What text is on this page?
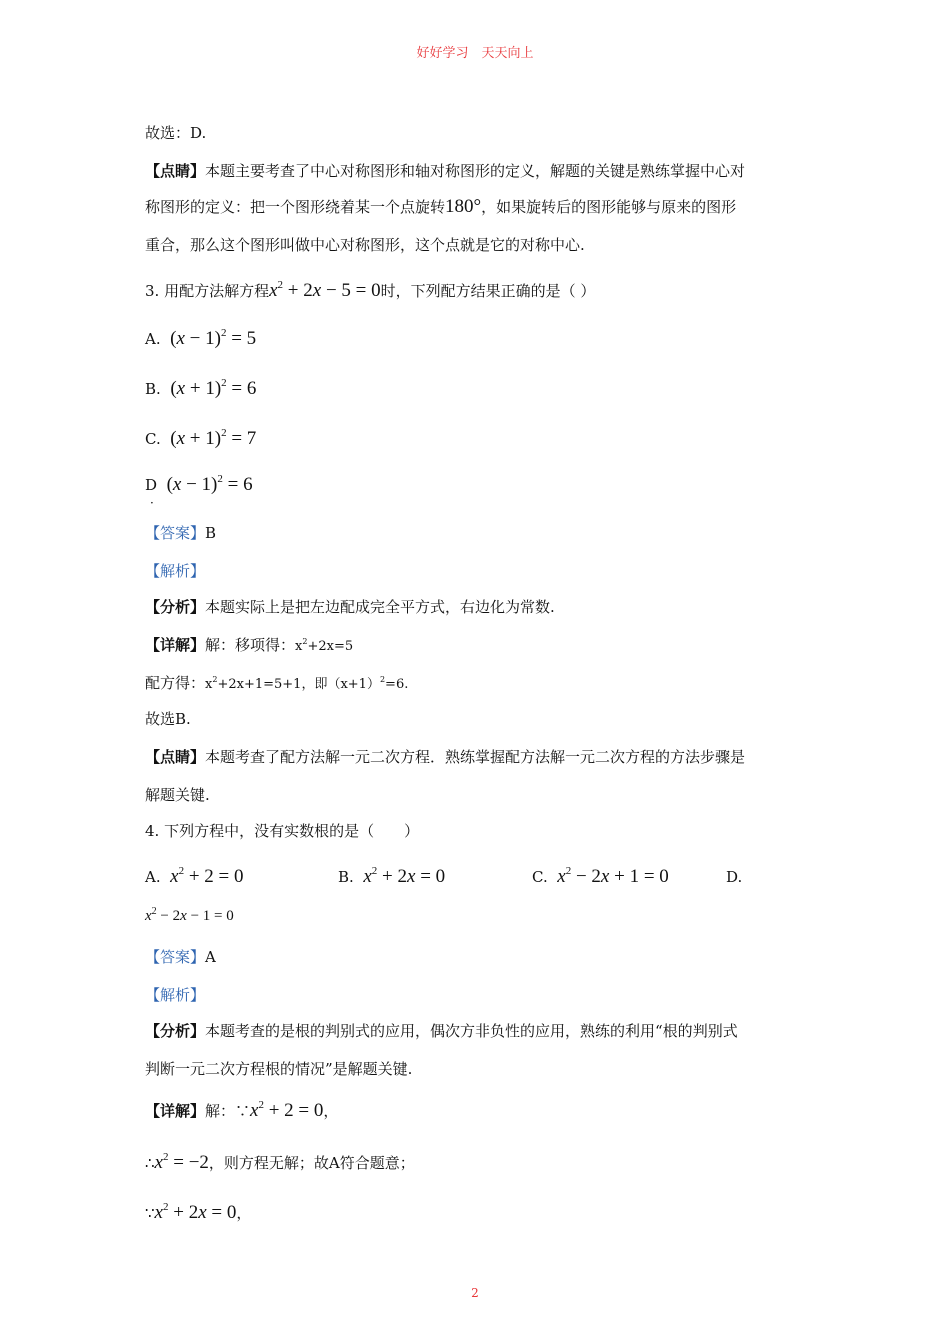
好好学习　天天向上
故选：D.
【点睛】本题主要考查了中心对称图形和轴对称图形的定义，解题的关键是熟练掌握中心对
称图形的定义：把一个图形绕着某一个点旋转180°，如果旋转后的图形能够与原来的图形
重合，那么这个图形叫做中心对称图形，这个点就是它的对称中心.
3. 用配方法解方程$x^2 + 2x - 5 = 0$时，下列配方结果正确的是（ ）
A. $(x - 1)^2 = 5$
B. $(x + 1)^2 = 6$
C. $(x + 1)^2 = 7$
D $(x - 1)^2 = 6$
·
【答案】B
【解析】
【分析】本题实际上是把左边配成完全平方式，右边化为常数.
【详解】解：移项得：$x^2+2x=5$
配方得：$x^2+2x+1=5+1$，即$(x+1)^2=6$.
故选B.
【点睛】本题考查了配方法解一元二次方程．熟练掌握配方法解一元二次方程的方法步骤是
解题关键.
4. 下列方程中，没有实数根的是（　　）
A. $x^2 + 2 = 0$	B. $x^2 + 2x = 0$	C. $x^2 - 2x + 1 = 0$	D.
$x^2 - 2x - 1 = 0$
【答案】A
【解析】
【分析】本题考查的是根的判别式的应用，偶次方非负性的应用，熟练的利用“根的判别式
判断一元二次方程根的情况”是解题关键.
【详解】解：$\because x^2 + 2 = 0$，
$\therefore x^2 = -2$，则方程无解；故A符合题意；
$\because x^2 + 2x = 0$，
2
